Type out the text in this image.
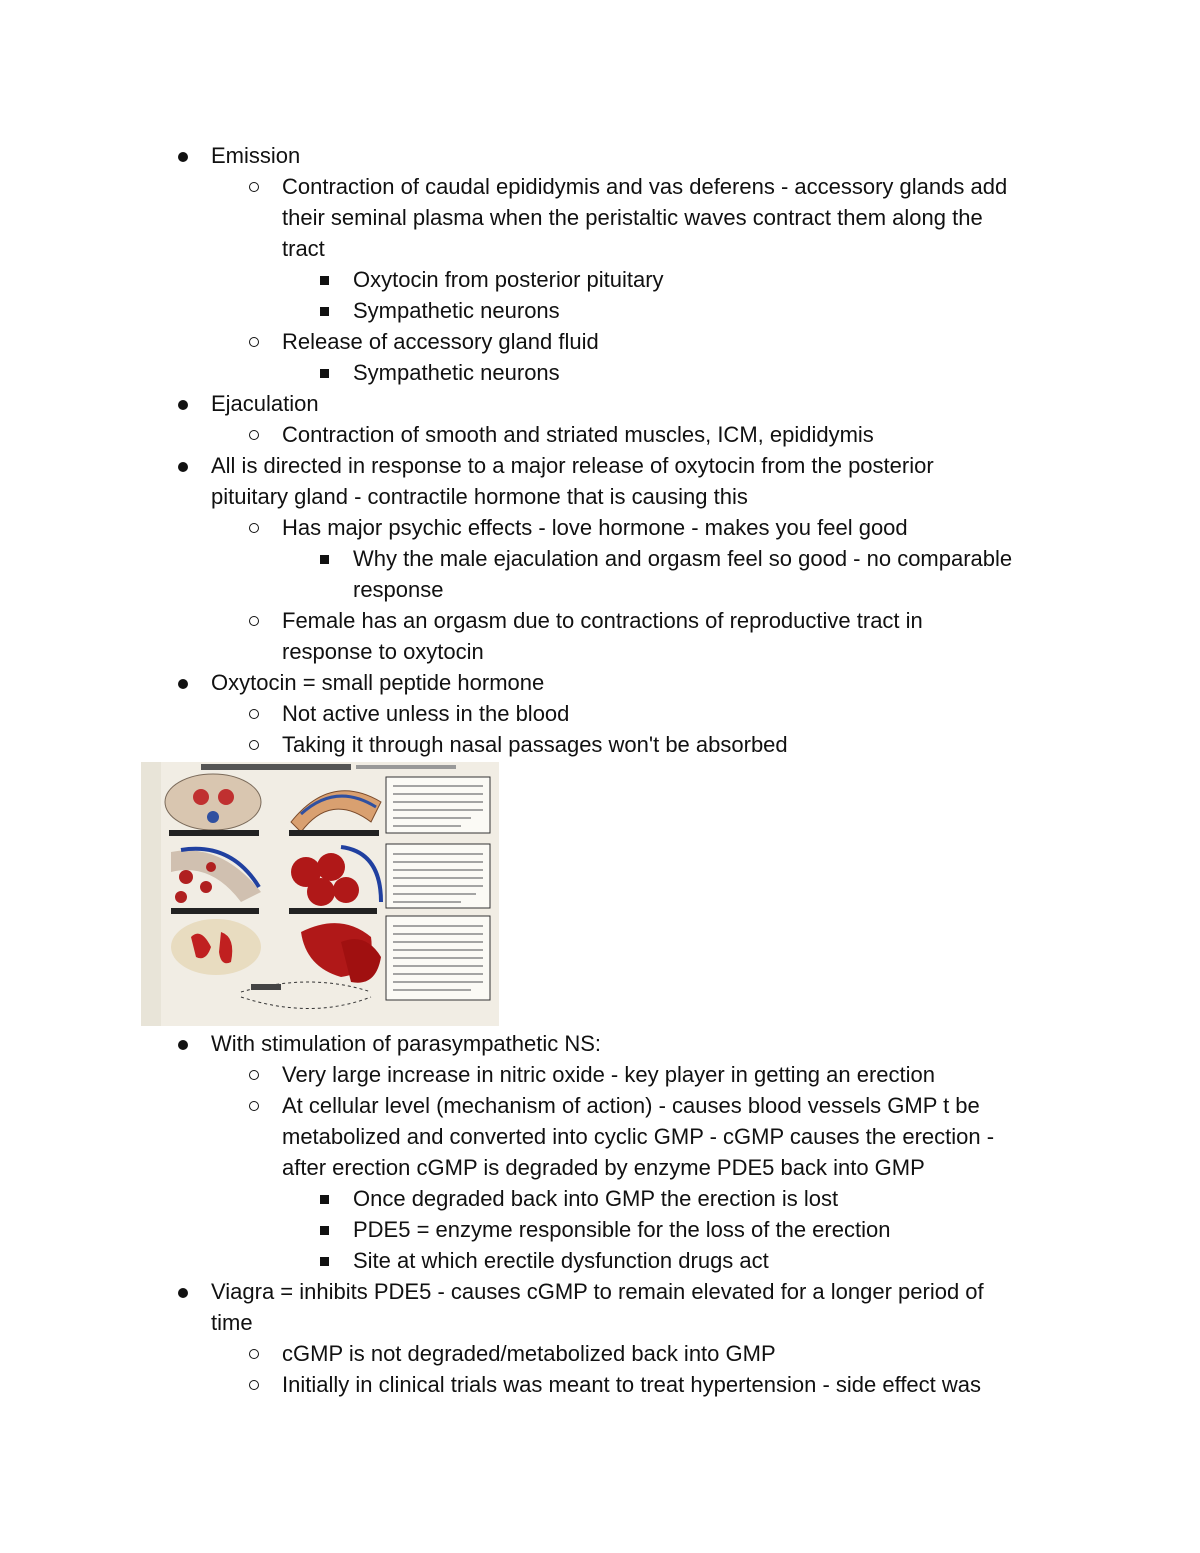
Emission
Contraction of caudal epididymis and vas deferens - accessory glands add
their seminal plasma when the peristaltic waves contract them along the
tract
Oxytocin from posterior pituitary
Sympathetic neurons
Release of accessory gland fluid
Sympathetic neurons
Ejaculation
Contraction of smooth and striated muscles, ICM, epididymis
All is directed in response to a major release of oxytocin from the posterior
pituitary gland - contractile hormone that is causing this
Has major psychic effects - love hormone - makes you feel good
Why the male ejaculation and orgasm feel so good - no comparable
response
Female has an orgasm due to contractions of reproductive tract in
response to oxytocin
Oxytocin = small peptide hormone
Not active unless in the blood
Taking it through nasal passages won't be absorbed
With stimulation of parasympathetic NS:
Very large increase in nitric oxide - key player in getting an erection
At cellular level (mechanism of action) - causes blood vessels GMP t be
metabolized and converted into cyclic GMP - cGMP causes the erection -
after erection cGMP is degraded by enzyme PDE5 back into GMP
Once degraded back into GMP the erection is lost
PDE5 = enzyme responsible for the loss of the erection
Site at which erectile dysfunction drugs act
Viagra = inhibits PDE5 - causes cGMP to remain elevated for a longer period of
time
cGMP is not degraded/metabolized back into GMP
Initially in clinical trials was meant to treat hypertension - side effect was
